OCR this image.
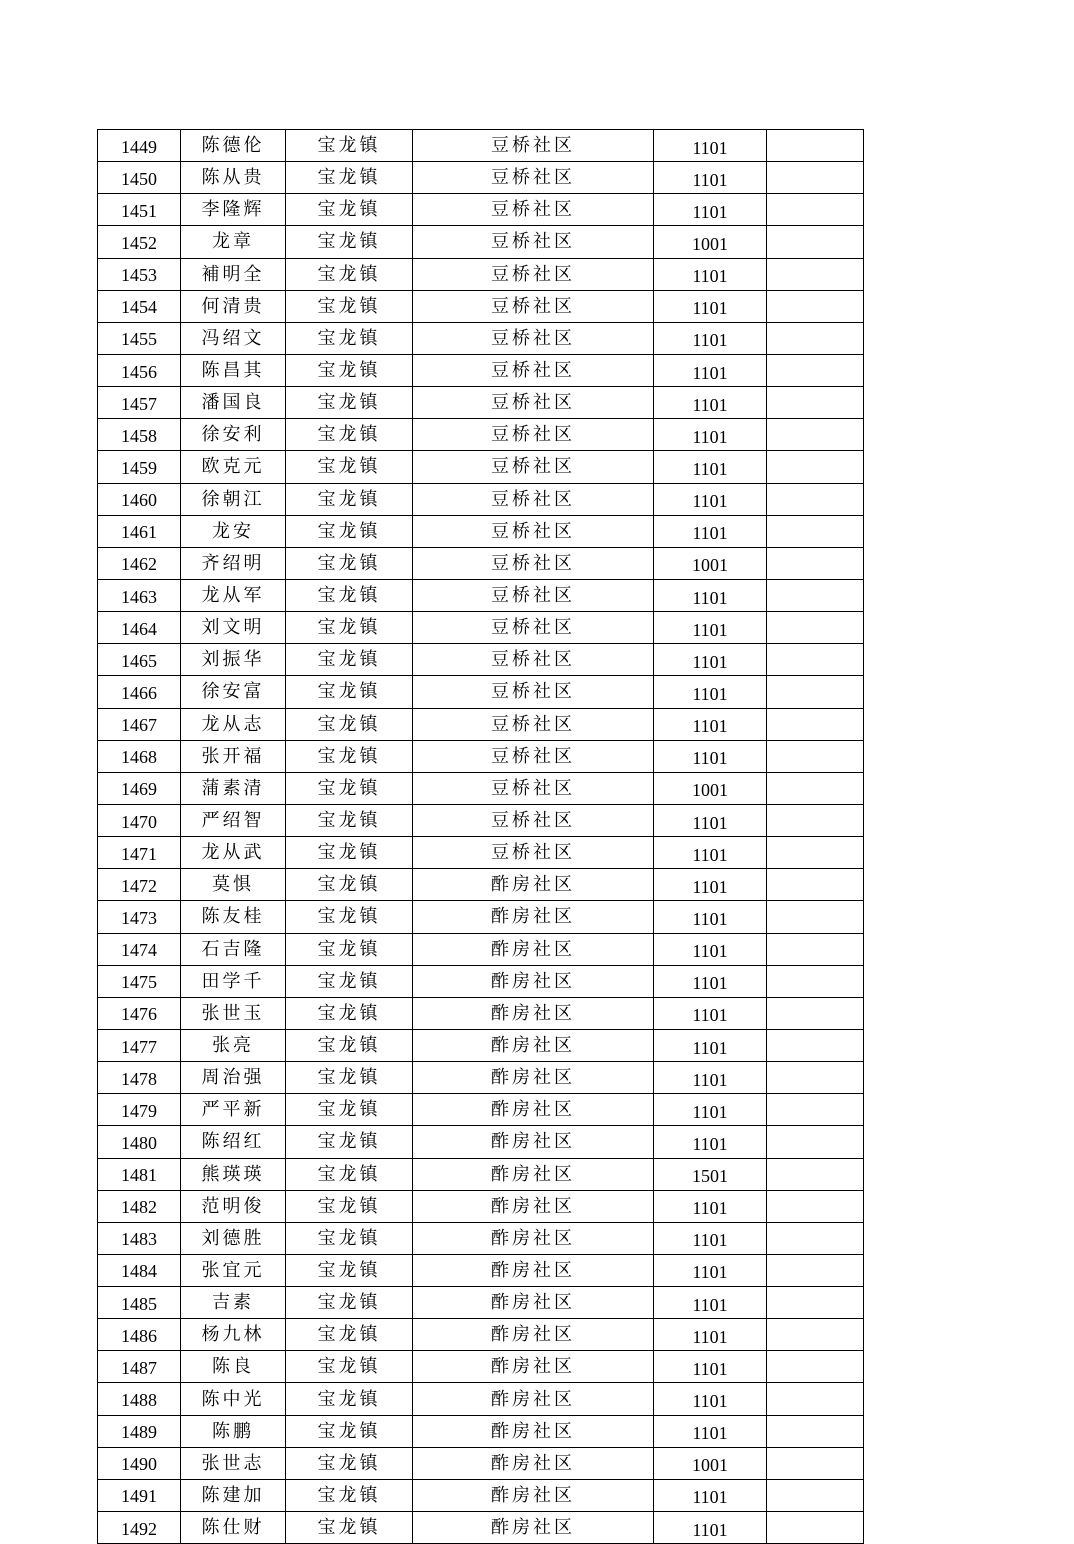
1449	陈德伦	宝龙镇	豆桥社区	1101	
1450	陈从贵	宝龙镇	豆桥社区	1101	
1451	李隆辉	宝龙镇	豆桥社区	1101	
1452	龙章	宝龙镇	豆桥社区	1001	
1453	補明全	宝龙镇	豆桥社区	1101	
1454	何清贵	宝龙镇	豆桥社区	1101	
1455	冯绍文	宝龙镇	豆桥社区	1101	
1456	陈昌其	宝龙镇	豆桥社区	1101	
1457	潘国良	宝龙镇	豆桥社区	1101	
1458	徐安利	宝龙镇	豆桥社区	1101	
1459	欧克元	宝龙镇	豆桥社区	1101	
1460	徐朝江	宝龙镇	豆桥社区	1101	
1461	龙安	宝龙镇	豆桥社区	1101	
1462	齐绍明	宝龙镇	豆桥社区	1001	
1463	龙从军	宝龙镇	豆桥社区	1101	
1464	刘文明	宝龙镇	豆桥社区	1101	
1465	刘振华	宝龙镇	豆桥社区	1101	
1466	徐安富	宝龙镇	豆桥社区	1101	
1467	龙从志	宝龙镇	豆桥社区	1101	
1468	张开福	宝龙镇	豆桥社区	1101	
1469	蒲素清	宝龙镇	豆桥社区	1001	
1470	严绍智	宝龙镇	豆桥社区	1101	
1471	龙从武	宝龙镇	豆桥社区	1101	
1472	莫惧	宝龙镇	酢房社区	1101	
1473	陈友桂	宝龙镇	酢房社区	1101	
1474	石吉隆	宝龙镇	酢房社区	1101	
1475	田学千	宝龙镇	酢房社区	1101	
1476	张世玉	宝龙镇	酢房社区	1101	
1477	张亮	宝龙镇	酢房社区	1101	
1478	周治强	宝龙镇	酢房社区	1101	
1479	严平新	宝龙镇	酢房社区	1101	
1480	陈绍红	宝龙镇	酢房社区	1101	
1481	熊瑛瑛	宝龙镇	酢房社区	1501	
1482	范明俊	宝龙镇	酢房社区	1101	
1483	刘德胜	宝龙镇	酢房社区	1101	
1484	张宜元	宝龙镇	酢房社区	1101	
1485	吉素	宝龙镇	酢房社区	1101	
1486	杨九林	宝龙镇	酢房社区	1101	
1487	陈良	宝龙镇	酢房社区	1101	
1488	陈中光	宝龙镇	酢房社区	1101	
1489	陈鹏	宝龙镇	酢房社区	1101	
1490	张世志	宝龙镇	酢房社区	1001	
1491	陈建加	宝龙镇	酢房社区	1101	
1492	陈仕财	宝龙镇	酢房社区	1101	
